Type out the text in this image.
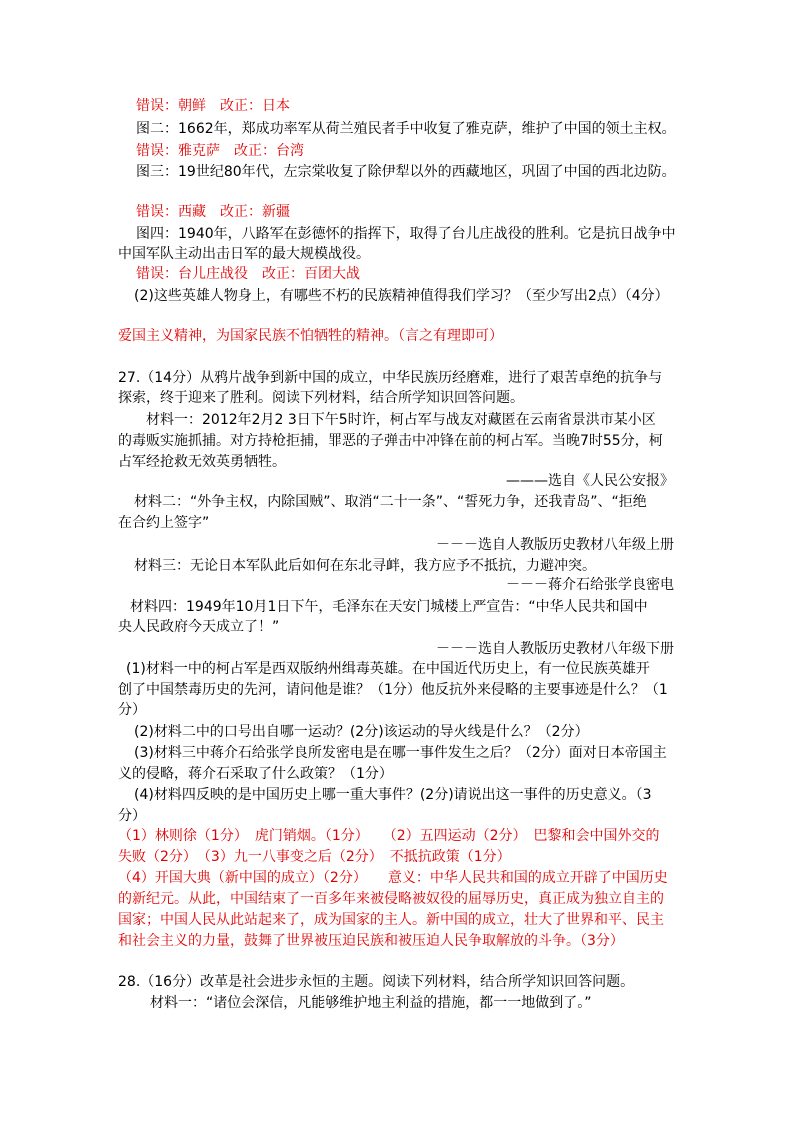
错误：朝鲜　改正：日本
图二：1662年，郑成功率军从荷兰殖民者手中收复了雅克萨，维护了中国的领土主权。
错误：雅克萨　改正：台湾
图三：19世纪80年代，左宗棠收复了除伊犁以外的西藏地区，巩固了中国的西北边防。
错误：西藏　改正：新疆
图四：1940年，八路军在彭德怀的指挥下，取得了台儿庄战役的胜利。它是抗日战争中
中国军队主动出击日军的最大规模战役。
错误：台儿庄战役　改正：百团大战
(2)这些英雄人物身上，有哪些不朽的民族精神值得我们学习？（至少写出2点）（4分）
爱国主义精神，为国家民族不怕牺牲的精神。（言之有理即可）
27.（14分）从鸦片战争到新中国的成立，中华民族历经磨难，进行了艰苦卓绝的抗争与
探索，终于迎来了胜利。阅读下列材料，结合所学知识回答问题。
材料一：2012年2月2 3日下午5时许，柯占军与战友对藏匿在云南省景洪市某小区
的毒贩实施抓捕。对方持枪拒捕，罪恶的子弹击中冲锋在前的柯占军。当晚7时55分，柯
占军经抢救无效英勇牺牲。
———选自《人民公安报》
材料二：“外争主权，内除国贼”、取消“二十一条”、“誓死力争，还我青岛”、“拒绝
在合约上签字”
－－－选自人教版历史教材八年级上册
材料三：无论日本军队此后如何在东北寻衅，我方应予不抵抗，力避冲突。
－－－蒋介石给张学良密电
材料四：1949年10月1日下午，毛泽东在天安门城楼上严宣告：“中华人民共和国中
央人民政府今天成立了！”
－－－选自人教版历史教材八年级下册
(1)材料一中的柯占军是西双版纳州缉毒英雄。在中国近代历史上，有一位民族英雄开
创了中国禁毒历史的先河，请问他是谁？（1分）他反抗外来侵略的主要事迹是什么？（1
分）
(2)材料二中的口号出自哪一运动？(2分)该运动的导火线是什么？（2分）
(3)材料三中蒋介石给张学良所发密电是在哪一事件发生之后？（2分）面对日本帝国主
义的侵略，蒋介石采取了什么政策？（1分）
(4)材料四反映的是中国历史上哪一重大事件？(2分)请说出这一事件的历史意义。（3
分）
（1）林则徐（1分）　虎门销烟。（1分）　　（2）五四运动（2分）　巴黎和会中国外交的
失败（2分）　（3）九一八事变之后（2分）　不抵抗政策（1分）
（4）开国大典（新中国的成立）（2分）　　意义：中华人民共和国的成立开辟了中国历史
的新纪元。从此，中国结束了一百多年来被侵略被奴役的屈辱历史，真正成为独立自主的
国家；中国人民从此站起来了，成为国家的主人。新中国的成立，壮大了世界和平、民主
和社会主义的力量，鼓舞了世界被压迫民族和被压迫人民争取解放的斗争。（3分）
28.（16分）改革是社会进步永恒的主题。阅读下列材料，结合所学知识回答问题。
材料一：“诸位会深信，凡能够维护地主利益的措施，都一一地做到了。”
